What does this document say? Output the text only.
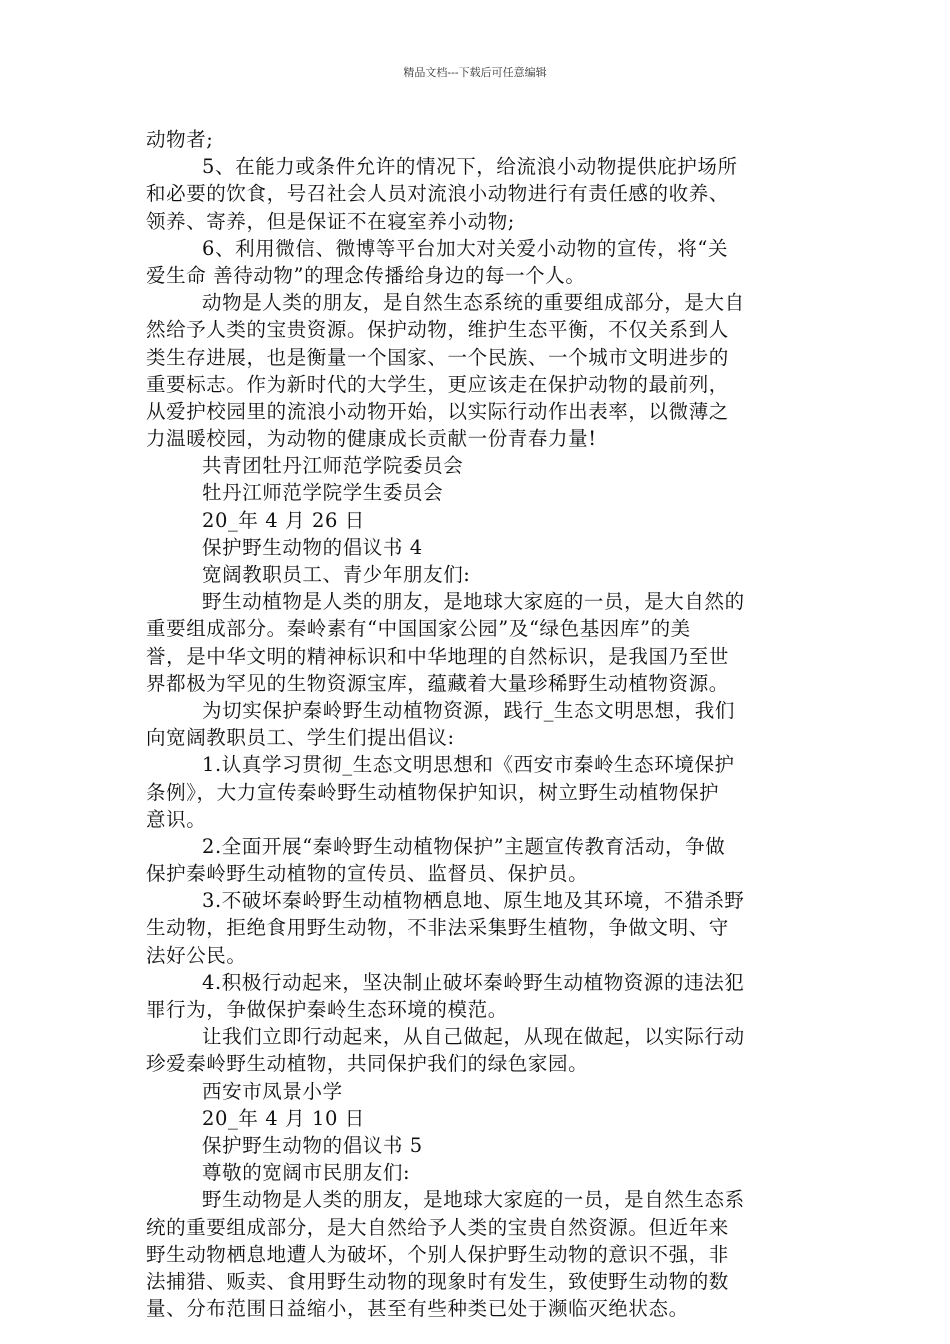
精品文档---下载后可任意编辑
动物者;
5、在能力或条件允许的情况下，给流浪小动物提供庇护场所
和必要的饮食，号召社会人员对流浪小动物进行有责任感的收养、
领养、寄养，但是保证不在寝室养小动物;
6、利用微信、微博等平台加大对关爱小动物的宣传，将“关
爱生命 善待动物”的理念传播给身边的每一个人。
动物是人类的朋友，是自然生态系统的重要组成部分，是大自
然给予人类的宝贵资源。保护动物，维护生态平衡，不仅关系到人
类生存进展，也是衡量一个国家、一个民族、一个城市文明进步的
重要标志。作为新时代的大学生，更应该走在保护动物的最前列，
从爱护校园里的流浪小动物开始，以实际行动作出表率，以微薄之
力温暖校园，为动物的健康成长贡献一份青春力量!
共青团牡丹江师范学院委员会
牡丹江师范学院学生委员会
20_年 4 月 26 日
保护野生动物的倡议书 4
宽阔教职员工、青少年朋友们:
野生动植物是人类的朋友，是地球大家庭的一员，是大自然的
重要组成部分。秦岭素有“中国国家公园”及“绿色基因库”的美
誉，是中华文明的精神标识和中华地理的自然标识，是我国乃至世
界都极为罕见的生物资源宝库，蕴藏着大量珍稀野生动植物资源。
为切实保护秦岭野生动植物资源，践行_生态文明思想，我们
向宽阔教职员工、学生们提出倡议:
1.认真学习贯彻_生态文明思想和《西安市秦岭生态环境保护
条例》，大力宣传秦岭野生动植物保护知识，树立野生动植物保护
意识。
2.全面开展“秦岭野生动植物保护”主题宣传教育活动，争做
保护秦岭野生动植物的宣传员、监督员、保护员。
3.不破坏秦岭野生动植物栖息地、原生地及其环境，不猎杀野
生动物，拒绝食用野生动物，不非法采集野生植物，争做文明、守
法好公民。
4.积极行动起来，坚决制止破坏秦岭野生动植物资源的违法犯
罪行为，争做保护秦岭生态环境的模范。
让我们立即行动起来，从自己做起，从现在做起，以实际行动
珍爱秦岭野生动植物，共同保护我们的绿色家园。
西安市凤景小学
20_年 4 月 10 日
保护野生动物的倡议书 5
尊敬的宽阔市民朋友们:
野生动物是人类的朋友，是地球大家庭的一员，是自然生态系
统的重要组成部分，是大自然给予人类的宝贵自然资源。但近年来
野生动物栖息地遭人为破坏，个别人保护野生动物的意识不强，非
法捕猎、贩卖、食用野生动物的现象时有发生，致使野生动物的数
量、分布范围日益缩小，甚至有些种类已处于濒临灭绝状态。
